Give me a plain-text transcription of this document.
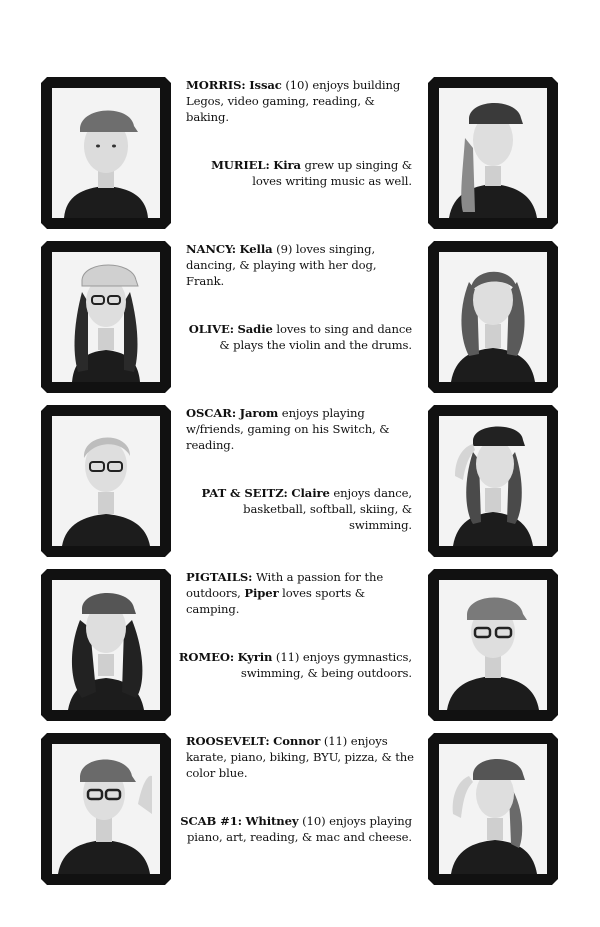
MORRIS: Issac (10) enjoys building Legos, video gaming, reading, & baking.
MURIEL: Kira grew up singing & loves writing music as well.
NANCY: Kella (9) loves singing, dancing, & playing with her dog, Frank.
OLIVE: Sadie loves to sing and dance & plays the violin and the drums.
OSCAR: Jarom enjoys playing w/friends, gaming on his Switch, & reading.
PAT & SEITZ: Claire enjoys dance, basketball, softball, skiing, & swimming.
PIGTAILS: With a passion for the outdoors, Piper loves sports & camping.
ROMEO: Kyrin (11) enjoys gymnastics, swimming, & being outdoors.
ROOSEVELT: Connor (11) enjoys karate, piano, biking, BYU, pizza, & the color blue.
SCAB #1: Whitney (10) enjoys playing piano, art, reading, & mac and cheese.
